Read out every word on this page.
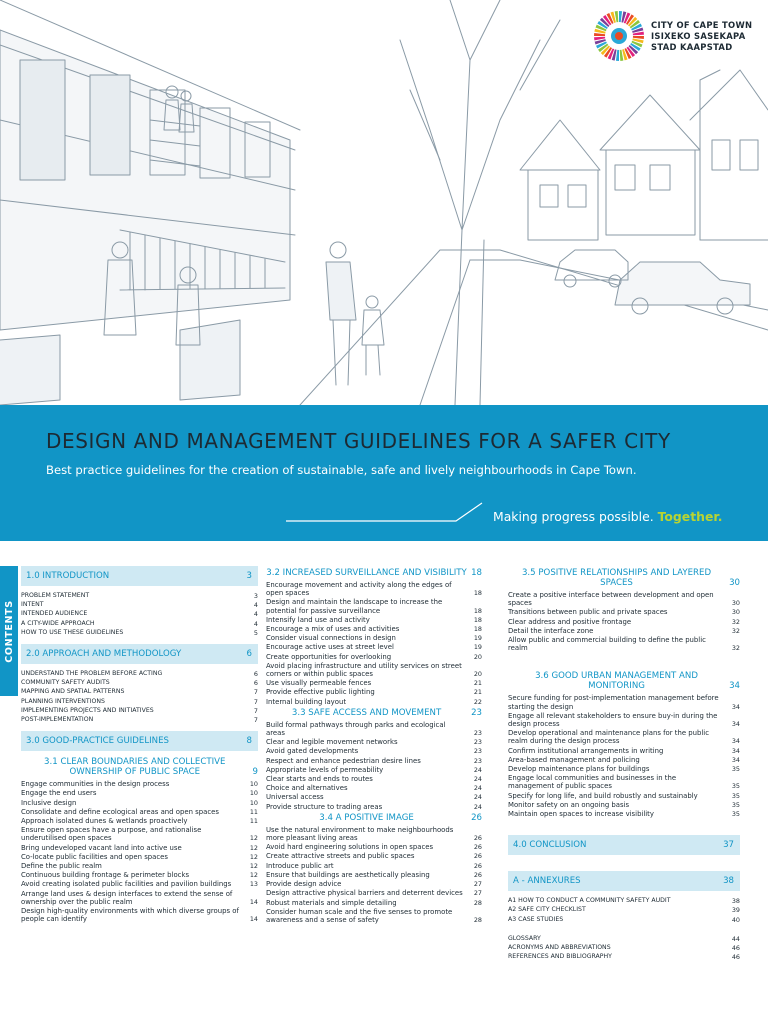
CITY OF CAPE TOWN
ISIXEKO SASEKAPA
STAD KAAPSTAD
DESIGN AND MANAGEMENT GUIDELINES FOR A SAFER CITY
Best practice guidelines for the creation of sustainable, safe and lively neighbourhoods in Cape Town.
Making progress possible. Together.
CONTENTS
1.0 INTRODUCTION	3
PROBLEM STATEMENT	3
INTENT	4
INTENDED AUDIENCE	4
A CITY-WIDE APPROACH	4
HOW TO USE THESE GUIDELINES	5
2.0 APPROACH AND METHODOLOGY	6
UNDERSTAND THE PROBLEM BEFORE ACTING	6
COMMUNITY SAFETY AUDITS	6
MAPPING AND SPATIAL PATTERNS	7
PLANNING INTERVENTIONS	7
IMPLEMENTING PROJECTS AND INITIATIVES	7
POST-IMPLEMENTATION	7
3.0 GOOD-PRACTICE GUIDELINES	8
3.1 CLEAR BOUNDARIES AND COLLECTIVE OWNERSHIP OF PUBLIC SPACE	9
Engage communities in the design process	10
Engage the end users	10
Inclusive design	10
Consolidate and define ecological areas and open spaces	11
Approach isolated dunes & wetlands proactively	11
Ensure open spaces have a purpose, and rationalise underutilised open spaces	12
Bring undeveloped vacant land into active use	12
Co-locate public facilities and open spaces	12
Define the public realm	12
Continuous building frontage & perimeter blocks	12
Avoid creating isolated public facilities and pavilion buildings	13
Arrange land uses & design interfaces to extend the sense of ownership over the public realm	14
Design high-quality environments with which diverse groups of people can identify	14
3.2 INCREASED SURVEILLANCE AND VISIBILITY 18
Encourage movement and activity along the edges of open spaces	18
Design and maintain the landscape to increase the potential for passive surveillance	18
Intensify land use and activity	18
Encourage a mix of uses and activities	18
Consider visual connections in design	19
Encourage active uses at street level	19
Create opportunities for overlooking	20
Avoid placing infrastructure and utility services on street corners or within public spaces	20
Use visually permeable fences	21
Provide effective public lighting	21
Internal building layout	22
3.3 SAFE ACCESS AND MOVEMENT	23
Build formal pathways through parks and ecological areas	23
Clear and legible movement networks	23
Avoid gated developments	23
Respect and enhance pedestrian desire lines	23
Appropriate levels of permeability	24
Clear starts and ends to routes	24
Choice and alternatives	24
Universal access	24
Provide structure to trading areas	24
3.4 A POSITIVE IMAGE	26
Use the natural environment to make neighbourhoods more pleasant living areas	26
Avoid hard engineering solutions in open spaces	26
Create attractive streets and public spaces	26
Introduce public art	26
Ensure that buildings are aesthetically pleasing	26
Provide design advice	27
Design attractive physical barriers and deterrent devices	27
Robust materials and simple detailing	28
Consider human scale and the five senses to promote awareness and a sense of safety	28
3.5 POSITIVE RELATIONSHIPS AND LAYERED SPACES	30
Create a positive interface between development and open spaces	30
Transitions between public and private spaces	30
Clear address and positive frontage	32
Detail the interface zone	32
Allow public and commercial building to define the public realm	32
3.6 GOOD URBAN MANAGEMENT AND MONITORING	34
Secure funding for post-implementation management before starting the design	34
Engage all relevant stakeholders to ensure buy-in during the design process	34
Develop operational and maintenance plans for the public realm during the design process	34
Confirm institutional arrangements in writing	34
Area-based management and policing	34
Develop maintenance plans for buildings	35
Engage local communities and businesses in the management of public spaces	35
Specify for long life, and build robustly and sustainably	35
Monitor safety on an ongoing basis	35
Maintain open spaces to increase visibility	35
4.0 CONCLUSION	37
A - ANNEXURES	38
A1 HOW TO CONDUCT A COMMUNITY SAFETY AUDIT	38
A2 SAFE CITY CHECKLIST	39
A3 CASE STUDIES	40
GLOSSARY	44
ACRONYMS AND ABBREVIATIONS	46
REFERENCES AND BIBLIOGRAPHY	46
